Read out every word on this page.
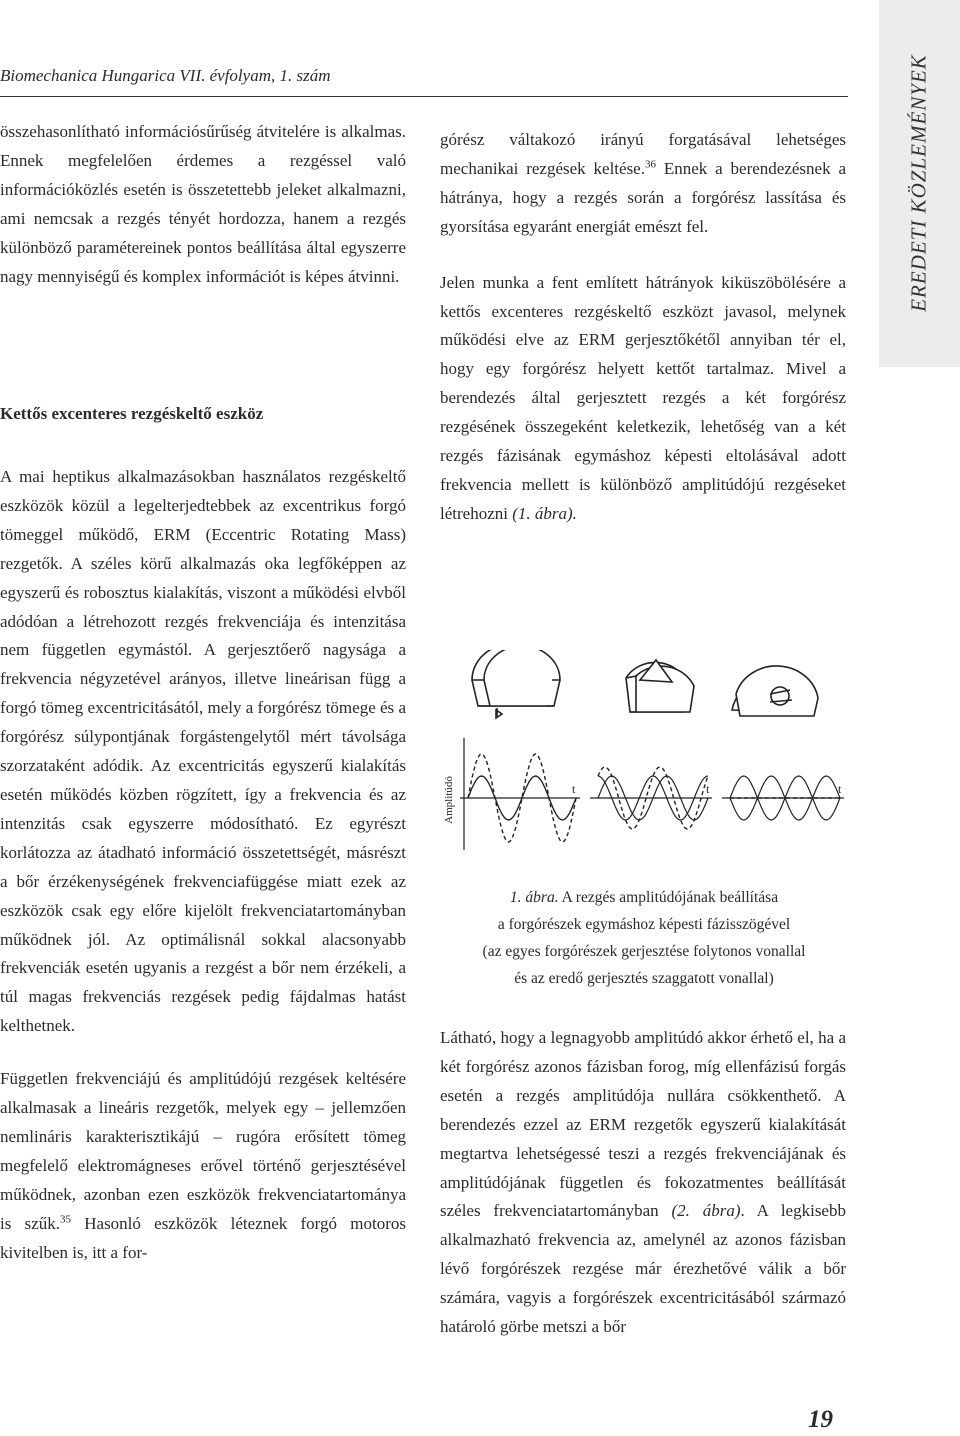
Biomechanica Hungarica VII. évfolyam, 1. szám	EREDETI KÖZLEMÉNYEK

összehasonlítható információsűrűség átvitelére is alkalmas. Ennek megfelelően érdemes a rezgéssel való információközlés esetén is összetettebb jeleket alkalmazni, ami nemcsak a rezgés tényét hordozza, hanem a rezgés különböző paramétereinek pontos beállítása által egyszerre nagy mennyiségű és komplex információt is képes átvinni.

Kettős excenteres rezgéskeltő eszköz

A mai heptikus alkalmazásokban használatos rezgéskeltő eszközök közül a legelterjedtebbek az excentrikus forgó tömeggel működő, ERM (Eccentric Rotating Mass) rezgetők. A széles körű alkalmazás oka legfőképpen az egyszerű és robosztus kialakítás, viszont a működési elvből adódóan a létrehozott rezgés frekvenciája és intenzitása nem független egymástól. A gerjesztőerő nagysága a frekvencia négyzetével arányos, illetve lineárisan függ a forgó tömeg excentricitásától, mely a forgórész tömege és a forgórész súlypontjának forgástengelytől mért távolsága szorzataként adódik. Az excentricitás egyszerű kialakítás esetén működés közben rögzített, így a frekvencia és az intenzitás csak egyszerre módosítható. Ez egyrészt korlátozza az átadható információ összetettségét, másrészt a bőr érzékenységének frekvenciafüggése miatt ezek az eszközök csak egy előre kijelölt frekvenciatartományban működnek jól. Az optimálisnál sokkal alacsonyabb frekvenciák esetén ugyanis a rezgést a bőr nem érzékeli, a túl magas frekvenciás rezgések pedig fájdalmas hatást kelthetnek.

Független frekvenciájú és amplitúdójú rezgések keltésére alkalmasak a lineáris rezgetők, melyek egy – jellemzően nemlináris karakterisztikájú – rugóra erősített tömeg megfelelő elektromágneses erővel történő gerjesztésével működnek, azonban ezen eszközök frekvenciatartománya is szűk.$^{35}$ Hasonló eszközök léteznek forgó motoros kivitelben is, itt a for-

górész váltakozó irányú forgatásával lehetséges mechanikai rezgések keltése.$^{36}$ Ennek a berendezésnek a hátránya, hogy a rezgés során a forgórész lassítása és gyorsítása egyaránt energiát emészt fel.

Jelen munka a fent említett hátrányok kiküszöbölésére a kettős excenteres rezgéskeltő eszközt javasol, melynek működési elve az ERM gerjesztőkétől annyiban tér el, hogy egy forgórész helyett kettőt tartalmaz. Mivel a berendezés által gerjesztett rezgés a két forgórész rezgésének összegeként keletkezik, lehetőség van a két rezgés fázisának egymáshoz képesti eltolásával adott frekvencia mellett is különböző amplitúdójú rezgéseket létrehozni (1. ábra).

Amplitúdó	t	t	t
1. ábra. A rezgés amplitúdójának beállítása
a forgórészek egymáshoz képesti fázisszögével
(az egyes forgórészek gerjesztése folytonos vonallal
és az eredő gerjesztés szaggatott vonallal)

Látható, hogy a legnagyobb amplitúdó akkor érhető el, ha a két forgórész azonos fázisban forog, míg ellenfázisú forgás esetén a rezgés amplitúdója nullára csökkenthető. A berendezés ezzel az ERM rezgetők egyszerű kialakítását megtartva lehetségessé teszi a rezgés frekvenciájának és amplitúdójának független és fokozatmentes beállítását széles frekvenciatartományban (2. ábra). A legkisebb alkalmazható frekvencia az, amelynél az azonos fázisban lévő forgórészek rezgése már érezhetővé válik a bőr számára, vagyis a forgórészek excentricitásából származó határoló görbe metszi a bőr

19
